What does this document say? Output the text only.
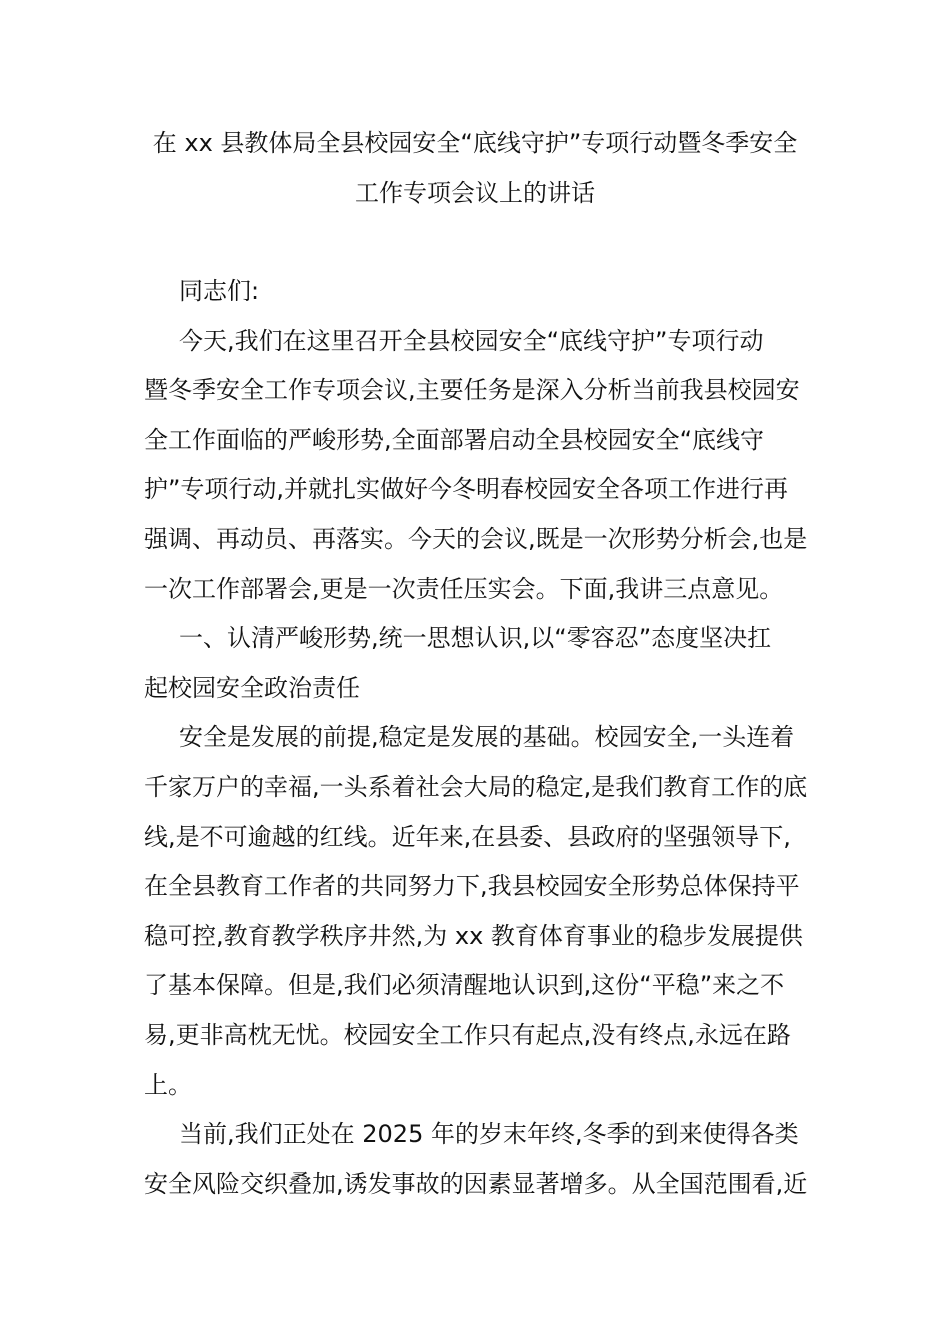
在 xx 县教体局全县校园安全“底线守护”专项行动暨冬季安全
工作专项会议上的讲话
同志们:
今天,我们在这里召开全县校园安全“底线守护”专项行动
暨冬季安全工作专项会议,主要任务是深入分析当前我县校园安
全工作面临的严峻形势,全面部署启动全县校园安全“底线守
护”专项行动,并就扎实做好今冬明春校园安全各项工作进行再
强调、再动员、再落实。今天的会议,既是一次形势分析会,也是
一次工作部署会,更是一次责任压实会。下面,我讲三点意见。
一、认清严峻形势,统一思想认识,以“零容忍”态度坚决扛
起校园安全政治责任
安全是发展的前提,稳定是发展的基础。校园安全,一头连着
千家万户的幸福,一头系着社会大局的稳定,是我们教育工作的底
线,是不可逾越的红线。近年来,在县委、县政府的坚强领导下,
在全县教育工作者的共同努力下,我县校园安全形势总体保持平
稳可控,教育教学秩序井然,为 xx 教育体育事业的稳步发展提供
了基本保障。但是,我们必须清醒地认识到,这份“平稳”来之不
易,更非高枕无忧。校园安全工作只有起点,没有终点,永远在路
上。
当前,我们正处在 2025 年的岁末年终,冬季的到来使得各类
安全风险交织叠加,诱发事故的因素显著增多。从全国范围看,近
